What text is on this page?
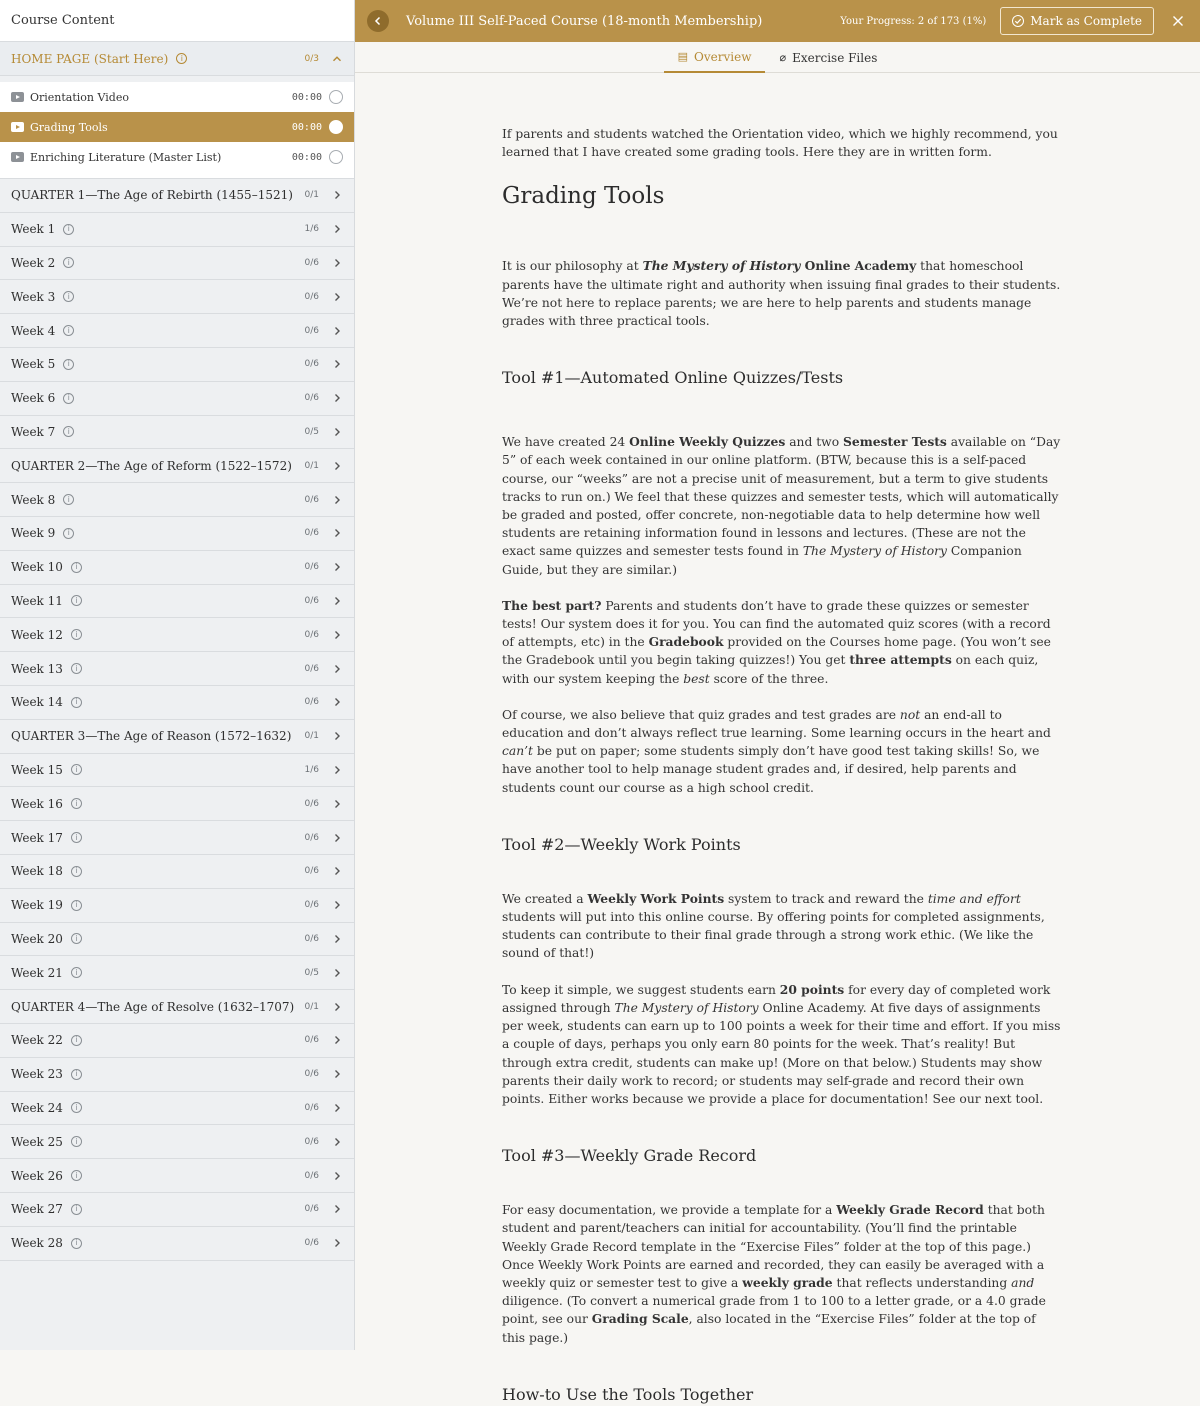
Course Content
HOME PAGE (Start Here)	i	0/3
Orientation Video	00:00
Grading Tools	00:00
Enriching Literature (Master List)	00:00
QUARTER 1—The Age of Rebirth (1455–1521) 0/1
Week 1	i	1/6
Week 2	i	0/6
Week 3	i	0/6
Week 4	i	0/6
Week 5	i	0/6
Week 6	i	0/6
Week 7	i	0/5
QUARTER 2—The Age of Reform (1522–1572) 0/1
Week 8	i	0/6
Week 9	i	0/6
Week 10	i	0/6
Week 11	i	0/6
Week 12	i	0/6
Week 13	i	0/6
Week 14	i	0/6
QUARTER 3—The Age of Reason (1572–1632) 0/1
Week 15	i	1/6
Week 16	i	0/6
Week 17	i	0/6
Week 18	i	0/6
Week 19	i	0/6
Week 20	i	0/6
Week 21	i	0/5
QUARTER 4—The Age of Resolve (1632–1707) 0/1
Week 22	i	0/6
Week 23	i	0/6
Week 24	i	0/6
Week 25	i	0/6
Week 26	i	0/6
Week 27	i	0/6
Week 28	i	0/6
Volume III Self-Paced Course (18-month Membership)	Your Progress: 2 of 173 (1%)	Mark as Complete
▤ Overview	⌀ Exercise Files

If parents and students watched the Orientation video, which we highly recommend, you learned that I have created some grading tools. Here they are in written form.

Grading Tools

It is our philosophy at The Mystery of History Online Academy that homeschool parents have the ultimate right and authority when issuing final grades to their students. We’re not here to replace parents; we are here to help parents and students manage grades with three practical tools.

Tool #1—Automated Online Quizzes/Tests

We have created 24 Online Weekly Quizzes and two Semester Tests available on “Day 5” of each week contained in our online platform. (BTW, because this is a self-paced course, our “weeks” are not a precise unit of measurement, but a term to give students tracks to run on.) We feel that these quizzes and semester tests, which will automatically be graded and posted, offer concrete, non-negotiable data to help determine how well students are retaining information found in lessons and lectures. (These are not the exact same quizzes and semester tests found in The Mystery of History Companion Guide, but they are similar.)

The best part? Parents and students don’t have to grade these quizzes or semester tests! Our system does it for you. You can find the automated quiz scores (with a record of attempts, etc) in the Gradebook provided on the Courses home page. (You won’t see the Gradebook until you begin taking quizzes!) You get three attempts on each quiz, with our system keeping the best score of the three.

Of course, we also believe that quiz grades and test grades are not an end-all to education and don’t always reflect true learning. Some learning occurs in the heart and can’t be put on paper; some students simply don’t have good test taking skills! So, we have another tool to help manage student grades and, if desired, help parents and students count our course as a high school credit.

Tool #2—Weekly Work Points

We created a Weekly Work Points system to track and reward the time and effort students will put into this online course. By offering points for completed assignments, students can contribute to their final grade through a strong work ethic. (We like the sound of that!)

To keep it simple, we suggest students earn 20 points for every day of completed work assigned through The Mystery of History Online Academy. At five days of assignments per week, students can earn up to 100 points a week for their time and effort. If you miss a couple of days, perhaps you only earn 80 points for the week. That’s reality! But through extra credit, students can make up! (More on that below.) Students may show parents their daily work to record; or students may self-grade and record their own points. Either works because we provide a place for documentation! See our next tool.

Tool #3—Weekly Grade Record

For easy documentation, we provide a template for a Weekly Grade Record that both student and parent/teachers can initial for accountability. (You’ll find the printable Weekly Grade Record template in the “Exercise Files” folder at the top of this page.) Once Weekly Work Points are earned and recorded, they can easily be averaged with a weekly quiz or semester test to give a weekly grade that reflects understanding and diligence. (To convert a numerical grade from 1 to 100 to a letter grade, or a 4.0 grade point, see our Grading Scale, also located in the “Exercise Files” folder at the top of this page.)

How-to Use the Tools Together
